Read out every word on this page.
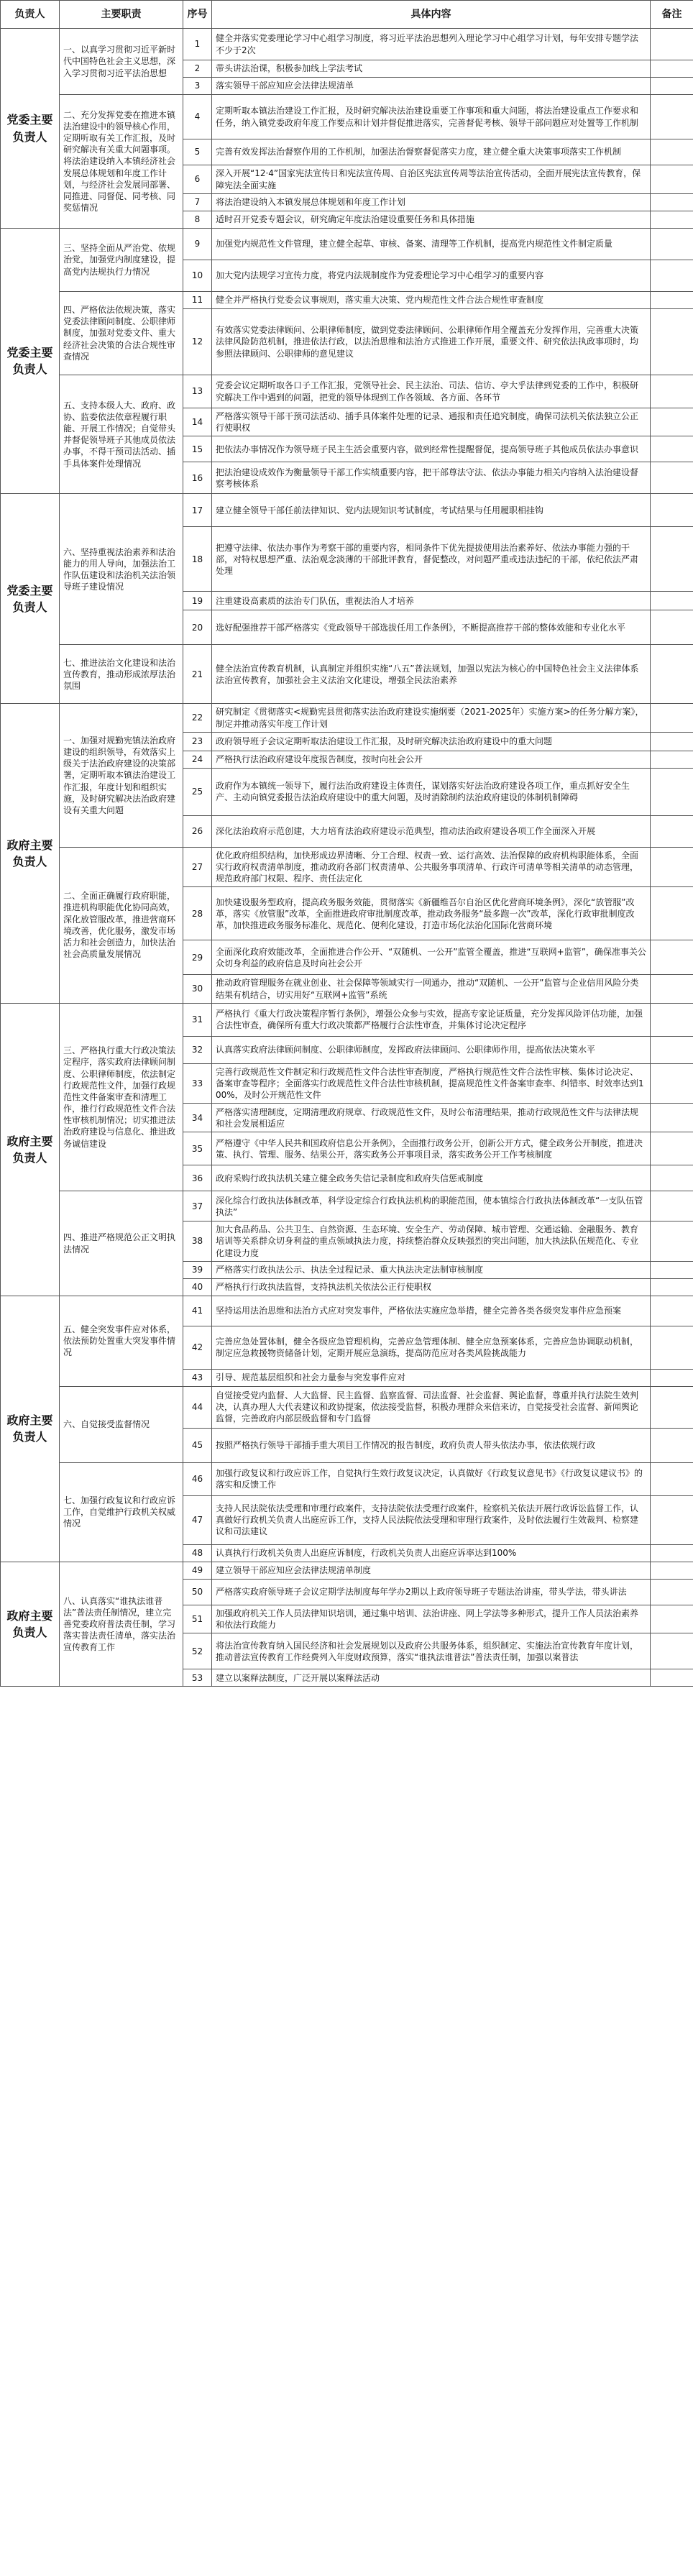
负责人	主要职责	序号	具体内容	备注
党委主要负责人	一、以真学习贯彻习近平新时代中国特色社会主义思想，深入学习贯彻习近平法治思想	1	健全并落实党委理论学习中心组学习制度，将习近平法治思想列入理论学习中心组学习计划，每年安排专题学法不少于2次	
		2	带头讲法治课，积极参加线上学法考试	
		3	落实领导干部应知应会法律法规清单	
	二、充分发挥党委在推进本镇法治建设中的领导核心作用，定期听取有关工作汇报，及时研究解决有关重大问题事项。将法治建设纳入本镇经济社会发展总体规划和年度工作计划，与经济社会发展同部署、同推进、同督促、同考核、同奖惩情况	4	定期听取本镇法治建设工作汇报，及时研究解决法治建设重要工作事项和重大问题，将法治建设重点工作要求和任务，纳入镇党委政府年度工作要点和计划并督促推进落实，完善督促考核、领导干部问题应对处置等工作机制	
		5	完善有效发挥法治督察作用的工作机制，加强法治督察督促落实力度，建立健全重大决策事项落实工作机制	
		6	深入开展“12·4”国家宪法宣传日和宪法宣传周、自治区宪法宣传周等法治宣传活动，全面开展宪法宣传教育，保障宪法全面实施	
		7	将法治建设纳入本镇发展总体规划和年度工作计划	
		8	适时召开党委专题会议，研究确定年度法治建设重要任务和具体措施	
党委主要负责人	三、坚持全面从严治党、依规治党，加强党内制度建设，提高党内法规执行力情况	9	加强党内规范性文件管理，建立健全起草、审核、备案、清理等工作机制，提高党内规范性文件制定质量	
		10	加大党内法规学习宣传力度，将党内法规制度作为党委理论学习中心组学习的重要内容	
	四、严格依法依规决策，落实党委法律顾问制度、公职律师制度，加强对党委文件、重大经济社会决策的合法合规性审查情况	11	健全并严格执行党委会议事规则，落实重大决策、党内规范性文件合法合规性审查制度	
		12	有效落实党委法律顾问、公职律师制度，做到党委法律顾问、公职律师作用全覆盖充分发挥作用，完善重大决策法律风险防范机制，推进依法行政，以法治思维和法治方式推进工作开展，重要文件、研究依法执政事项时，均参照法律顾问、公职律师的意见建议	
	五、支持本级人大、政府、政协、监委依法依章程履行职能、开展工作情况；自觉带头并督促领导班子其他成员依法办事，不得干预司法活动、插手具体案件处理情况	13	党委会议定期听取各口子工作汇报，党领导社会、民主法治、司法、信访、亭大乎法律到党委的工作中，积极研究解决工作中遇到的问题，把党的领导体现到工作各领域、各方面、各环节	
		14	严格落实领导干部干预司法活动、插手具体案件处理的记录、通报和责任追究制度，确保司法机关依法独立公正行使职权	
		15	把依法办事情况作为领导班子民主生活会重要内容，做到经常性提醒督促，提高领导班子其他成员依法办事意识	
		16	把法治建设成效作为衡量领导干部工作实绩重要内容，把干部尊法守法、依法办事能力相关内容纳入法治建设督察考核体系	
党委主要负责人	六、坚持重视法治素养和法治能力的用人导向，加强法治工作队伍建设和法治机关法治领导班子建设情况	17	建立健全领导干部任前法律知识、党内法规知识考试制度，考试结果与任用履职相挂钩	
		18	把遵守法律、依法办事作为考察干部的重要内容，相同条件下优先提拔使用法治素养好、依法办事能力强的干部，对特权思想严重、法治观念淡薄的干部批评教育，督促整改，对问题严重或违法违纪的干部，依纪依法严肃处理	
		19	注重建设高素质的法治专门队伍，重视法治人才培养	
		20	选好配强推荐干部严格落实《党政领导干部选拔任用工作条例》，不断提高推荐干部的整体效能和专业化水平	
	七、推进法治文化建设和法治宣传教育，推动形成浓厚法治氛围	21	健全法治宣传教育机制，认真制定并组织实施“八五”普法规划，加强以宪法为核心的中国特色社会主义法律体系法治宣传教育，加强社会主义法治文化建设，增强全民法治素养	
政府主要负责人	一、加强对规勤宪镇法治政府建设的组织领导，有效落实上级关于法治政府建设的决策部署，定期听取本镇法治建设工作汇报，年度计划和组织实施，及时研究解决法治政府建设有关重大问题	22	研究制定《贯彻落实<规勤宪县贯彻落实法治政府建设实施纲要（2021-2025年）实施方案>的任务分解方案》，制定并推动落实年度工作计划	
		23	政府领导班子会议定期听取法治建设工作汇报，及时研究解决法治政府建设中的重大问题	
		24	严格执行法治政府建设年度报告制度，按时向社会公开	
		25	政府作为本镇统一领导下，履行法治政府建设主体责任，谋划落实好法治政府建设各项工作，重点抓好安全生产、主动向镇党委报告法治政府建设中的重大问题，及时消除制约法治政府建设的体制机制障碍	
		26	深化法治政府示范创建，大力培育法治政府建设示范典型，推动法治政府建设各项工作全面深入开展	
	二、全面正确履行政府职能，推进机构职能优化协同高效，深化放管服改革，推进营商环境改善，优化服务，激发市场活力和社会创造力，加快法治社会高质量发展情况	27	优化政府组织结构，加快形成边界清晰、分工合理、权责一致、运行高效、法治保障的政府机构职能体系，全面实行政府权责清单制度，推动政府各部门权责清单、公共服务事项清单、行政许可清单等相关清单的动态管理，规范政府部门权限、程序、责任法定化	
		28	加快建设服务型政府，提高政务服务效能，贯彻落实《新疆维吾尔自治区优化营商环境条例》，深化“放管服”改革，落实《放管服”改革，全面推进政府审批制度改革，推动政务服务“最多跑一次”改革，深化行政审批制度改革，加快推进政务服务标准化、规范化、便利化建设，打造市场化法治化国际化营商环境	
		29	全面深化政府效能改革，全面推进合作公开、“双随机、一公开”监管全覆盖，推进“互联网+监管”，确保准事关公众切身利益的政府信息及时向社会公开	
		30	推动政府管理服务在就业创业、社会保障等领域实行一网通办，推动“双随机、一公开”监管与企业信用风险分类结果有机结合，切实用好“互联网+监管”系统	
政府主要负责人	三、严格执行重大行政决策法定程序，落实政府法律顾问制度、公职律师制度，依法制定行政规范性文件，加强行政规范性文件备案审查和清理工作，推行行政规范性文件合法性审核机制情况；切实推进法治政府建设与信息化、推进政务诚信建设	31	严格执行《重大行政决策程序暂行条例》，增强公众参与实效，提高专家论证质量，充分发挥风险评估功能，加强合法性审查，确保所有重大行政决策都严格履行合法性审查，并集体讨论决定程序	
		32	认真落实政府法律顾问制度、公职律师制度，发挥政府法律顾问、公职律师作用，提高依法决策水平	
		33	完善行政规范性文件制定和行政规范性文件合法性审查制度，严格执行规范性文件合法性审核、集体讨论决定、备案审查等程序；全面落实行政规范性文件合法性审核机制，提高规范性文件备案审查率、纠错率、时效率达到100%，及时公开规范性文件	
		34	严格落实清理制度，定期清理政府规章、行政规范性文件，及时公布清理结果，推动行政规范性文件与法律法规和社会发展相适应	
		35	严格遵守《中华人民共和国政府信息公开条例》，全面推行政务公开，创新公开方式，健全政务公开制度，推进决策、执行、管理、服务、结果公开，落实政务公开事项目录，落实政务公开工作考核制度	
		36	政府采购行政执法机关建立健全政务失信记录制度和政府失信惩戒制度	
	四、推进严格规范公正文明执法情况	37	深化综合行政执法体制改革，科学设定综合行政执法机构的职能范围，使本镇综合行政执法体制改革“一支队伍管执法”	
		38	加大食品药品、公共卫生、自然资源、生态环境、安全生产、劳动保障、城市管理、交通运输、金融服务、教育培训等关系群众切身利益的重点领域执法力度，持续整治群众反映强烈的突出问题，加大执法队伍规范化、专业化建设力度	
		39	严格落实行政执法公示、执法全过程记录、重大执法决定法制审核制度	
		40	严格执行行政执法监督，支持执法机关依法公正行使职权	
政府主要负责人	五、健全突发事件应对体系，依法预防处置重大突发事件情况	41	坚持运用法治思维和法治方式应对突发事件，严格依法实施应急举措，健全完善各类各级突发事件应急预案	
		42	完善应急处置体制，健全各级应急管理机构，完善应急管理体制、健全应急预案体系，完善应急协调联动机制，制定应急救援物资储备计划，定期开展应急演练，提高防范应对各类风险挑战能力	
		43	引导、规范基层组织和社会力量参与突发事件应对	
	六、自觉接受监督情况	44	自觉接受党内监督、人大监督、民主监督、监察监督、司法监督、社会监督、舆论监督，尊重并执行法院生效判决，认真办理人大代表建议和政协提案，依法接受监督，积极办理群众来信来访，自觉接受社会监督、新闻舆论监督，完善政府内部层级监督和专门监督	
		45	按照严格执行领导干部插手重大项目工作情况的报告制度，政府负责人带头依法办事，依法依规行政	
	七、加强行政复议和行政应诉工作，自觉维护行政机关权威情况	46	加强行政复议和行政应诉工作，自觉执行生效行政复议决定，认真做好《行政复议意见书》《行政复议建议书》的落实和反馈工作	
		47	支持人民法院依法受理和审理行政案件，支持法院依法受理行政案件，检察机关依法开展行政诉讼监督工作，认真做好行政机关负责人出庭应诉工作，支持人民法院依法受理和审理行政案件，及时依法履行生效裁判、检察建议和司法建议	
		48	认真执行行政机关负责人出庭应诉制度，行政机关负责人出庭应诉率达到100%	
政府主要负责人	八、认真落实“谁执法谁普法”普法责任制情况，建立完善党委政府普法责任制，学习落实普法责任清单，落实法治宣传教育工作	49	建立领导干部应知应会法律法规清单制度	
		50	严格落实政府领导班子会议定期学法制度每年学办2期以上政府领导班子专题法治讲座，带头学法，带头讲法	
		51	加强政府机关工作人员法律知识培训，通过集中培训、法治讲座、网上学法等多种形式，提升工作人员法治素养和依法行政能力	
		52	将法治宣传教育纳入国民经济和社会发展规划以及政府公共服务体系，组织制定、实施法治宣传教育年度计划，推动普法宣传教育工作经费列入年度财政预算，落实“谁执法谁普法”普法责任制，加强以案普法	
		53	建立以案释法制度，广泛开展以案释法活动	
